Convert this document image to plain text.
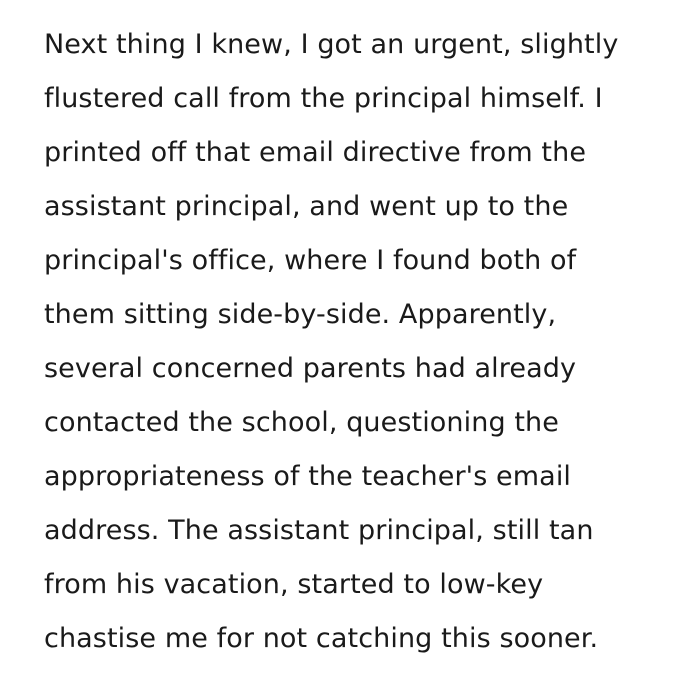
Next thing I knew, I got an urgent, slightly
flustered call from the principal himself. I
printed off that email directive from the
assistant principal, and went up to the
principal's office, where I found both of
them sitting side-by-side. Apparently,
several concerned parents had already
contacted the school, questioning the
appropriateness of the teacher's email
address. The assistant principal, still tan
from his vacation, started to low-key
chastise me for not catching this sooner.
